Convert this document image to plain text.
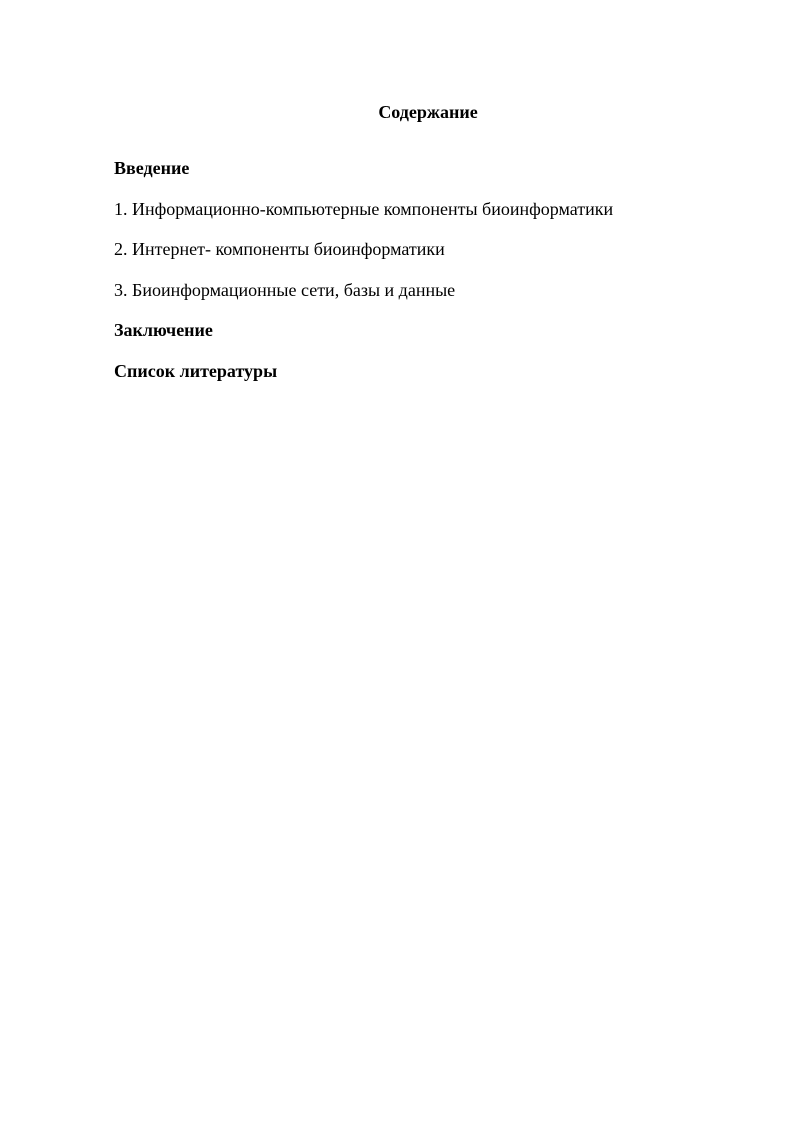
Содержание
Введение
1. Информационно-компьютерные компоненты биоинформатики
2. Интернет- компоненты биоинформатики
3. Биоинформационные сети, базы и данные
Заключение
Список литературы
